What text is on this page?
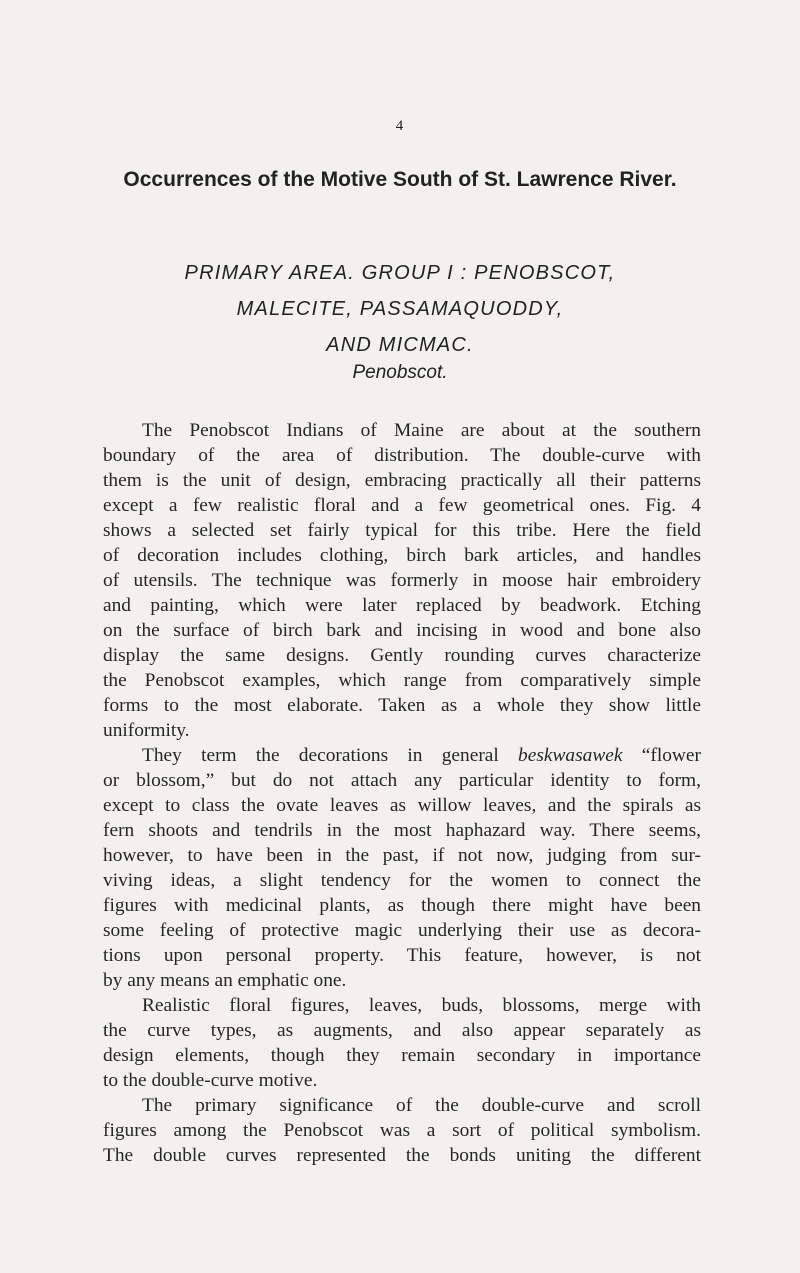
4
Occurrences of the Motive South of St. Lawrence River.
PRIMARY AREA. GROUP I : PENOBSCOT,
MALECITE, PASSAMAQUODDY,
AND MICMAC.
Penobscot.
The Penobscot Indians of Maine are about at the southern
boundary of the area of distribution. The double-curve with
them is the unit of design, embracing practically all their patterns
except a few realistic floral and a few geometrical ones. Fig. 4
shows a selected set fairly typical for this tribe. Here the field
of decoration includes clothing, birch bark articles, and handles
of utensils. The technique was formerly in moose hair embroidery
and painting, which were later replaced by beadwork. Etching
on the surface of birch bark and incising in wood and bone also
display the same designs. Gently rounding curves characterize
the Penobscot examples, which range from comparatively simple
forms to the most elaborate. Taken as a whole they show little
uniformity.
They term the decorations in general beskwasawek “flower
or blossom,” but do not attach any particular identity to form,
except to class the ovate leaves as willow leaves, and the spirals as
fern shoots and tendrils in the most haphazard way. There seems,
however, to have been in the past, if not now, judging from sur-
viving ideas, a slight tendency for the women to connect the
figures with medicinal plants, as though there might have been
some feeling of protective magic underlying their use as decora-
tions upon personal property. This feature, however, is not
by any means an emphatic one.
Realistic floral figures, leaves, buds, blossoms, merge with
the curve types, as augments, and also appear separately as
design elements, though they remain secondary in importance
to the double-curve motive.
The primary significance of the double-curve and scroll
figures among the Penobscot was a sort of political symbolism.
The double curves represented the bonds uniting the different
